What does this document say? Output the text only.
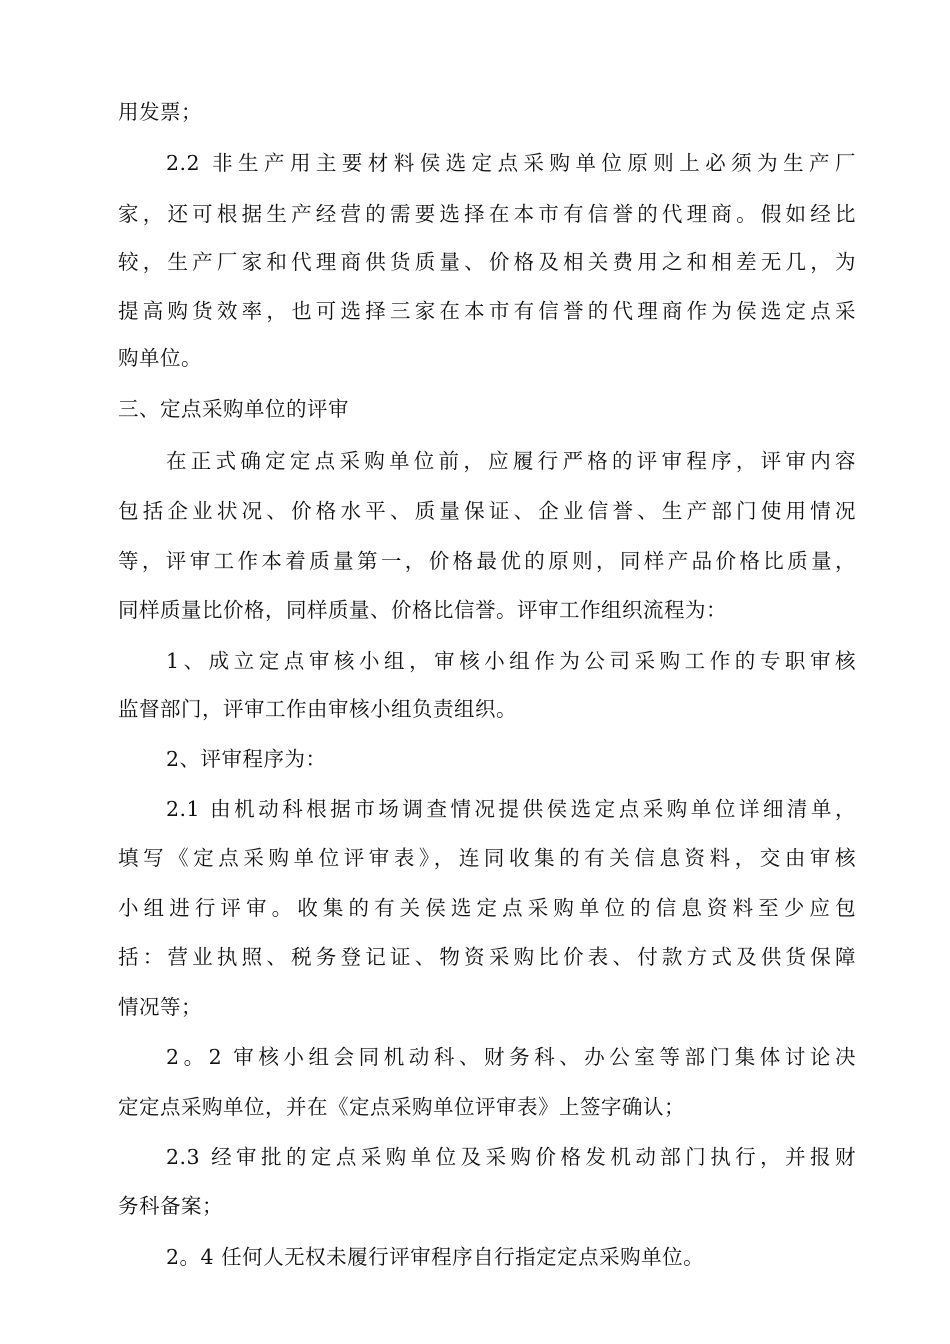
用发票；
2.2 非生产用主要材料侯选定点采购单位原则上必须为生产厂
家，还可根据生产经营的需要选择在本市有信誉的代理商。假如经比
较，生产厂家和代理商供货质量、价格及相关费用之和相差无几，为
提高购货效率，也可选择三家在本市有信誉的代理商作为侯选定点采
购单位。
三、定点采购单位的评审
在正式确定定点采购单位前，应履行严格的评审程序，评审内容
包括企业状况、价格水平、质量保证、企业信誉、生产部门使用情况
等，评审工作本着质量第一，价格最优的原则，同样产品价格比质量，
同样质量比价格，同样质量、价格比信誉。评审工作组织流程为：
1、成立定点审核小组，审核小组作为公司采购工作的专职审核
监督部门，评审工作由审核小组负责组织。
2、评审程序为：
2.1 由机动科根据市场调查情况提供侯选定点采购单位详细清单，
填写《定点采购单位评审表》，连同收集的有关信息资料，交由审核
小组进行评审。收集的有关侯选定点采购单位的信息资料至少应包
括：营业执照、税务登记证、物资采购比价表、付款方式及供货保障
情况等；
2。2 审核小组会同机动科、财务科、办公室等部门集体讨论决
定定点采购单位，并在《定点采购单位评审表》上签字确认；
2.3 经审批的定点采购单位及采购价格发机动部门执行，并报财
务科备案；
2。4 任何人无权未履行评审程序自行指定定点采购单位。
